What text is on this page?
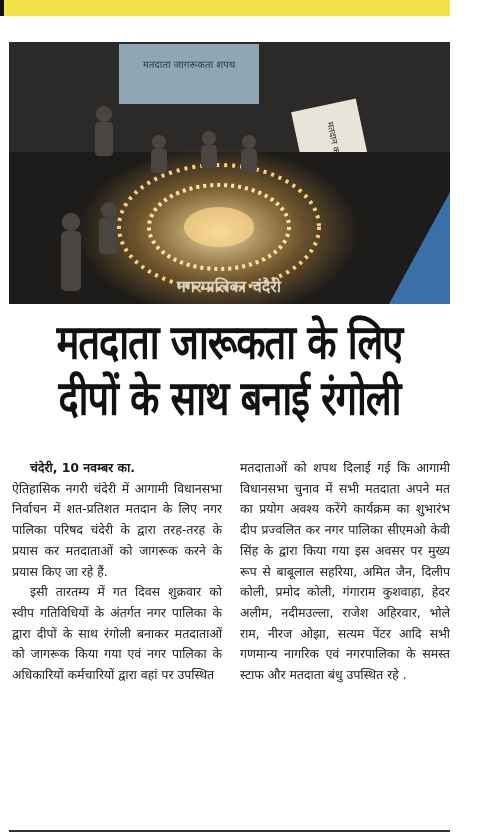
मतदाता जागरूकता शपथ
नगरपालिका चंदेरी
मतदाता जारूकता के लिए
दीपों के साथ बनाई रंगोली

चंदेरी, 10 नवम्बर का.

ऐतिहासिक नगरी चंदेरी में आगामी विधानसभा निर्वाचन में शत-प्रतिशत मतदान के लिए नगर पालिका परिषद चंदेरी के द्वारा तरह-तरह के प्रयास कर मतदाताओं को जागरूक करने के प्रयास किए जा रहे हैं.

इसी तारतम्य में गत दिवस शुक्रवार को स्वीप गतिविधियों के अंतर्गत नगर पालिका के द्वारा दीपों के साथ रंगोली बनाकर मतदाताओं को जागरूक किया गया एवं नगर पालिका के अधिकारियों कर्मचारियों द्वारा वहां पर उपस्थित

मतदाताओं को शपथ दिलाई गई कि आगामी विधानसभा चुनाव में सभी मतदाता अपने मत का प्रयोग अवश्य करेंगे कार्यक्रम का शुभारंभ दीप प्रज्वलित कर नगर पालिका सीएमओ केवी सिंह के द्वारा किया गया इस अवसर पर मुख्य रूप से बाबूलाल सहरिया, अमित जैन, दिलीप कोली, प्रमोद कोली, गंगाराम कुशवाहा, हेदर अलीम, नदीमउल्ला, राजेश अहिरवार, भोले राम, नीरज ओझा, सत्यम पेंटर आदि सभी गणमान्य नागरिक एवं नगरपालिका के समस्त स्टाफ और मतदाता बंधु उपस्थित रहे .
